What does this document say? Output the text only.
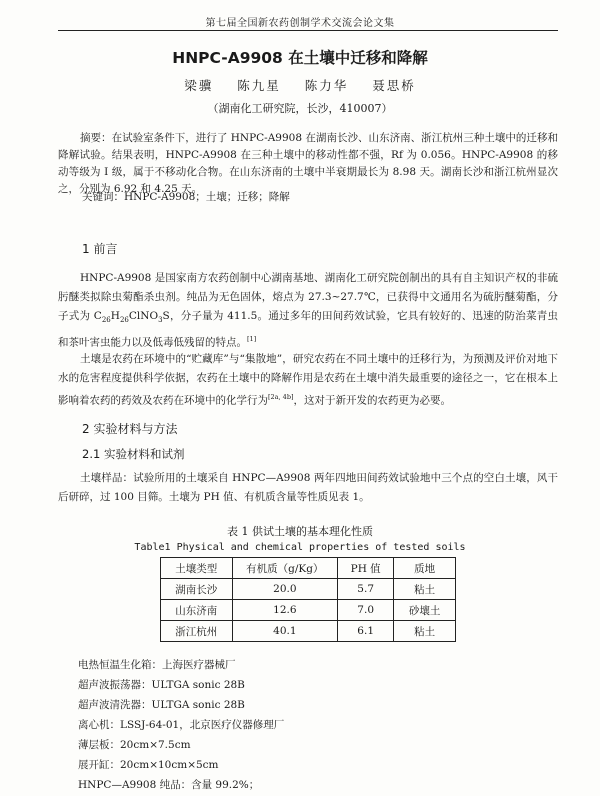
第七届全国新农药创制学术交流会论文集
HNPC-A9908 在土壤中迁移和降解
梁骥 陈九星 陈力华 聂思桥
（湖南化工研究院，长沙，410007）
摘要：在试验室条件下，进行了 HNPC-A9908 在湖南长沙、山东济南、浙江杭州三种土壤中的迁移和降解试验。结果表明，HNPC-A9908 在三种土壤中的移动性都不强，Rf 为 0.056。HNPC-A9908 的移动等级为 I 级，属于不移动化合物。在山东济南的土壤中半衰期最长为 8.98 天。湖南长沙和浙江杭州显次之，分别为 6.92 和 4.25 天。
关键词：HNPC-A9908；土壤；迁移；降解
1 前言
HNPC-A9908 是国家南方农药创制中心湖南基地、湖南化工研究院创制出的具有自主知识产权的非硫肟醚类拟除虫菊酯杀虫剂。纯品为无色固体，熔点为 27.3~27.7℃，已获得中文通用名为硫肟醚菊酯，分子式为 $C_{26}H_{26}ClNO_3S$，分子量为 411.5。通过多年的田间药效试验，它具有较好的、迅速的防治菜青虫和茶叶害虫能力以及低毒低残留的特点。[1]
土壤是农药在环境中的“贮藏库”与“集散地”，研究农药在不同土壤中的迁移行为，为预测及评价对地下水的危害程度提供科学依据，农药在土壤中的降解作用是农药在土壤中消失最重要的途径之一，它在根本上影响着农药的药效及农药在环境中的化学行为[2a, 4b]，这对于新开发的农药更为必要。
2 实验材料与方法
2.1 实验材料和试剂
土壤样品：试验所用的土壤采自 HNPC—A9908 两年四地田间药效试验地中三个点的空白土壤，风干后研碎，过 100 目筛。土壤为 PH 值、有机质含量等性质见表 1。
表 1 供试土壤的基本理化性质
Table1 Physical and chemical properties of tested soils
土壤类型	有机质（g/Kg）	PH 值	质地
湖南长沙	20.0	5.7	粘土
山东济南	12.6	7.0	砂壤土
浙江杭州	40.1	6.1	粘土
电热恒温生化箱：上海医疗器械厂
超声波振荡器：ULTGA sonic 28B
超声波清洗器：ULTGA sonic 28B
离心机：LSSJ-64-01，北京医疗仪器修理厂
薄层板：20cm×7.5cm
展开缸：20cm×10cm×5cm
HNPC—A9908 纯品：含量 99.2%；
